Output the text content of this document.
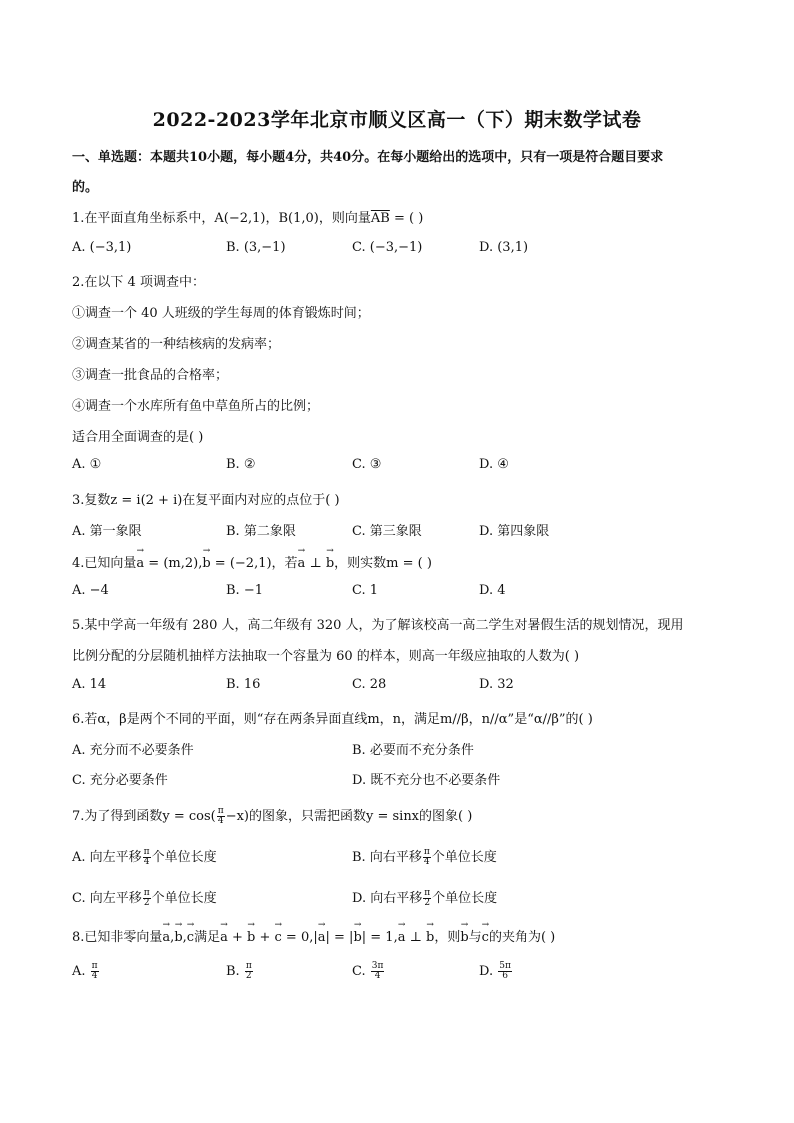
2022-2023学年北京市顺义区高一（下）期末数学试卷
一、单选题：本题共10小题，每小题4分，共40分。在每小题给出的选项中，只有一项是符合题目要求
的。
1.在平面直角坐标系中，A(−2,1)，B(1,0)，则向量$\overline{AB}$ = ( )
A. (−3,1)	B. (3,−1)	C. (−3,−1)	D. (3,1)
2.在以下 4 项调查中：
①调查一个 40 人班级的学生每周的体育锻炼时间；
②调查某省的一种结核病的发病率；
③调查一批食品的合格率；
④调查一个水库所有鱼中草鱼所占的比例；
适合用全面调查的是( )
A. ①	B. ②	C. ③	D. ④
3.复数z = i(2 + i)在复平面内对应的点位于( )
A. 第一象限	B. 第二象限	C. 第三象限	D. 第四象限
4.已知向量→ a = (m,2),→ b = (−2,1)，若→ a ⊥ → b，则实数m = ( )
A. −4	B. −1	C. 1	D. 4
5.某中学高一年级有 280 人，高二年级有 320 人，为了解该校高一高二学生对暑假生活的规划情况，现用
比例分配的分层随机抽样方法抽取一个容量为 60 的样本，则高一年级应抽取的人数为( )
A. 14	B. 16	C. 28	D. 32
6.若α，β是两个不同的平面，则“存在两条异面直线m，n，满足m//β，n//α”是“α//β”的( )
A. 充分而不必要条件	B. 必要而不充分条件
C. 充分必要条件	D. 既不充分也不必要条件
7.为了得到函数$y = \cos( \frac{\pi}{4} -x)$的图象，只需把函数y = sinx的图象( )
A. 向左平移 $\frac{\pi}{4}$ 个单位长度	B. 向右平移 $\frac{\pi}{4}$ 个单位长度
C. 向左平移 $\frac{\pi}{2}$ 个单位长度	D. 向右平移 $\frac{\pi}{2}$ 个单位长度
8.已知非零向量→ a,→ b,→ c满足→ a + → b + → c = 0,|→ a| = |→ b| = 1,→ a ⊥ → b，则→ b与→ c的夹角为( )
A. $\frac{\pi}{4}$	B. $\frac{\pi}{2}$	C. $\frac{3\pi}{4}$	D. $\frac{5\pi}{6}$
